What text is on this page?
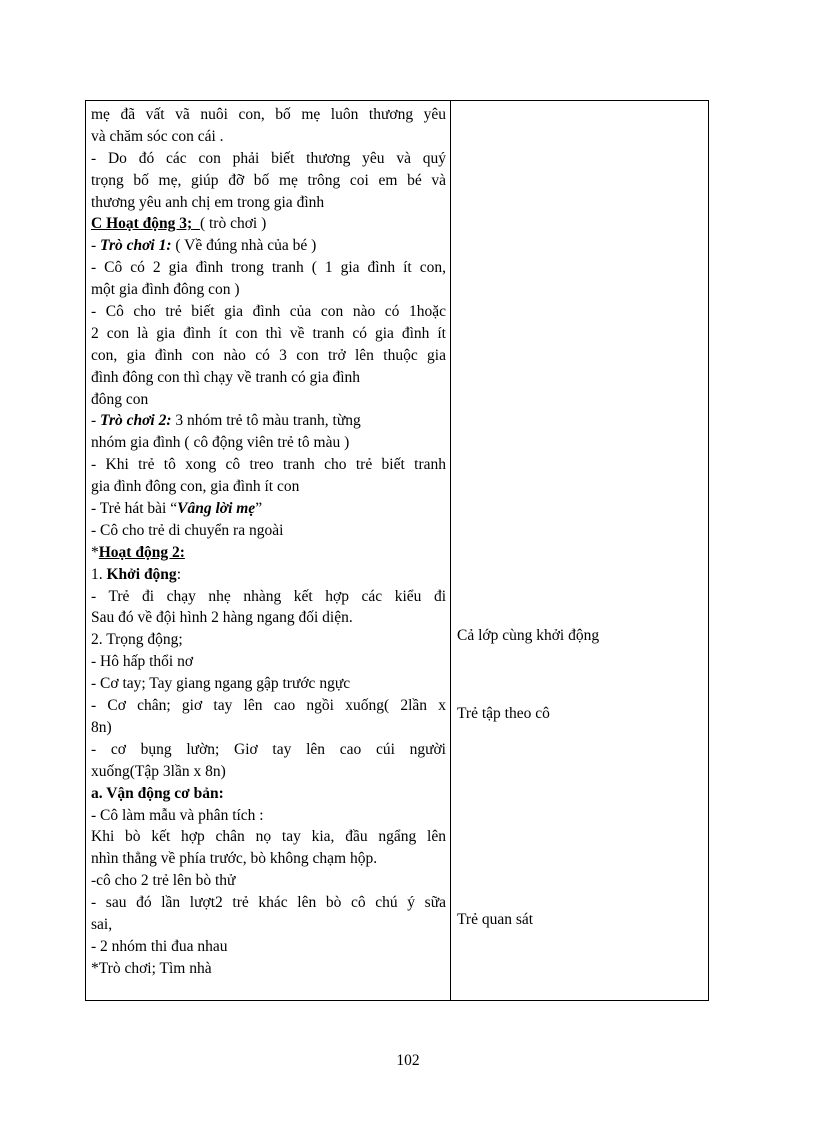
mẹ đã vất vã nuôi con, bố mẹ luôn thương yêu
và chăm sóc con cái .
- Do đó các con phải biết thương yêu và quý
trọng bố mẹ, giúp đỡ bố mẹ trông coi em bé và
thương yêu anh chị em trong gia đình
C Hoạt động 3; ( trò chơi )
- Trò chơi 1: ( Về đúng nhà của bé )
- Cô có 2 gia đình trong tranh ( 1 gia đình ít con,
một gia đình đông con )
- Cô cho trẻ biết gia đình của con nào có 1hoặc
2 con là gia đình ít con thì về tranh có gia đình ít
con, gia đình con nào có 3 con trở lên thuộc gia
đình đông con thì chạy về tranh có gia đình
đông con
- Trò chơi 2: 3 nhóm trẻ tô màu tranh, từng
nhóm gia đình ( cô động viên trẻ tô màu )
- Khi trẻ tô xong cô treo tranh cho trẻ biết tranh
gia đình đông con, gia đình ít con
- Trẻ hát bài “Vâng lời mẹ”
- Cô cho trẻ di chuyển ra ngoài
*Hoạt động 2:
1. Khởi động:
- Trẻ đi chạy nhẹ nhàng kết hợp các kiểu đi
Sau đó về đội hình 2 hàng ngang đối diện.
2. Trọng động;
- Hô hấp thổi nơ
- Cơ tay; Tay giang ngang gập trước ngực
- Cơ chân; giơ tay lên cao ngồi xuống( 2lần x
8n)
- cơ bụng lườn; Giơ tay lên cao cúi người
xuống(Tập 3lần x 8n)
a. Vận động cơ bản:
- Cô làm mẫu và phân tích :
Khi bò kết hợp chân nọ tay kia, đầu ngẩng lên
nhìn thẳng về phía trước, bò không chạm hộp.
-cô cho 2 trẻ lên bò thử
- sau đó lần lượt2 trẻ khác lên bò cô chú ý sữa
sai,
- 2 nhóm thi đua nhau
*Trò chơi; Tìm nhà
Cả lớp cùng khởi động
Trẻ tập theo cô
Trẻ quan sát
102
